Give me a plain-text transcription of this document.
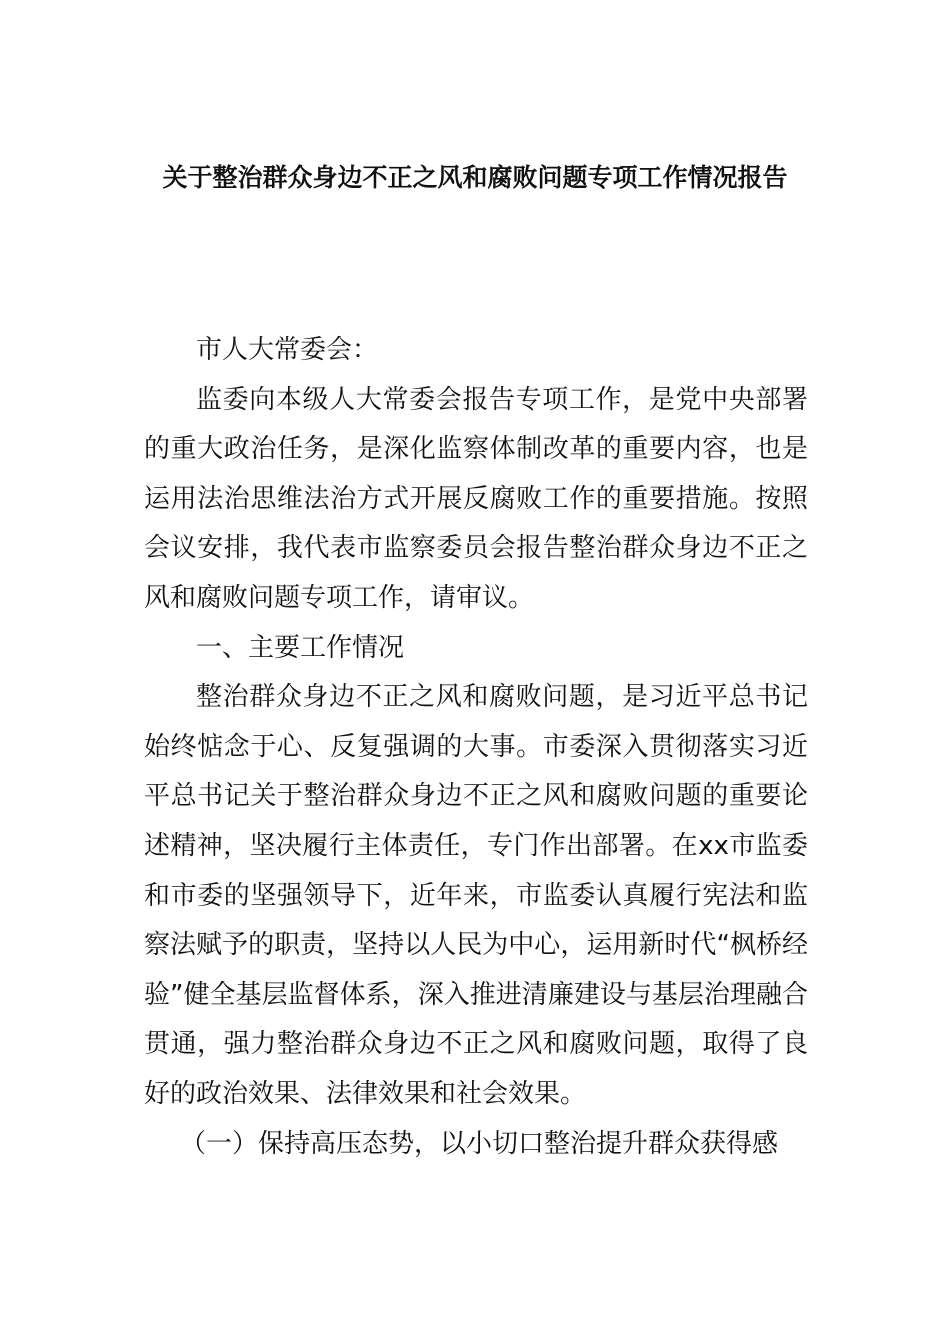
关于整治群众身边不正之风和腐败问题专项工作情况报告

市人大常委会：

监委向本级人大常委会报告专项工作，是党中央部署的重大政治任务，是深化监察体制改革的重要内容，也是运用法治思维法治方式开展反腐败工作的重要措施。按照会议安排，我代表市监察委员会报告整治群众身边不正之风和腐败问题专项工作，请审议。

一、主要工作情况

整治群众身边不正之风和腐败问题，是习近平总书记始终惦念于心、反复强调的大事。市委深入贯彻落实习近平总书记关于整治群众身边不正之风和腐败问题的重要论述精神，坚决履行主体责任，专门作出部署。在xx市监委和市委的坚强领导下，近年来，市监委认真履行宪法和监察法赋予的职责，坚持以人民为中心，运用新时代“枫桥经验”健全基层监督体系，深入推进清廉建设与基层治理融合贯通，强力整治群众身边不正之风和腐败问题，取得了良好的政治效果、法律效果和社会效果。

（一）保持高压态势，以小切口整治提升群众获得感
